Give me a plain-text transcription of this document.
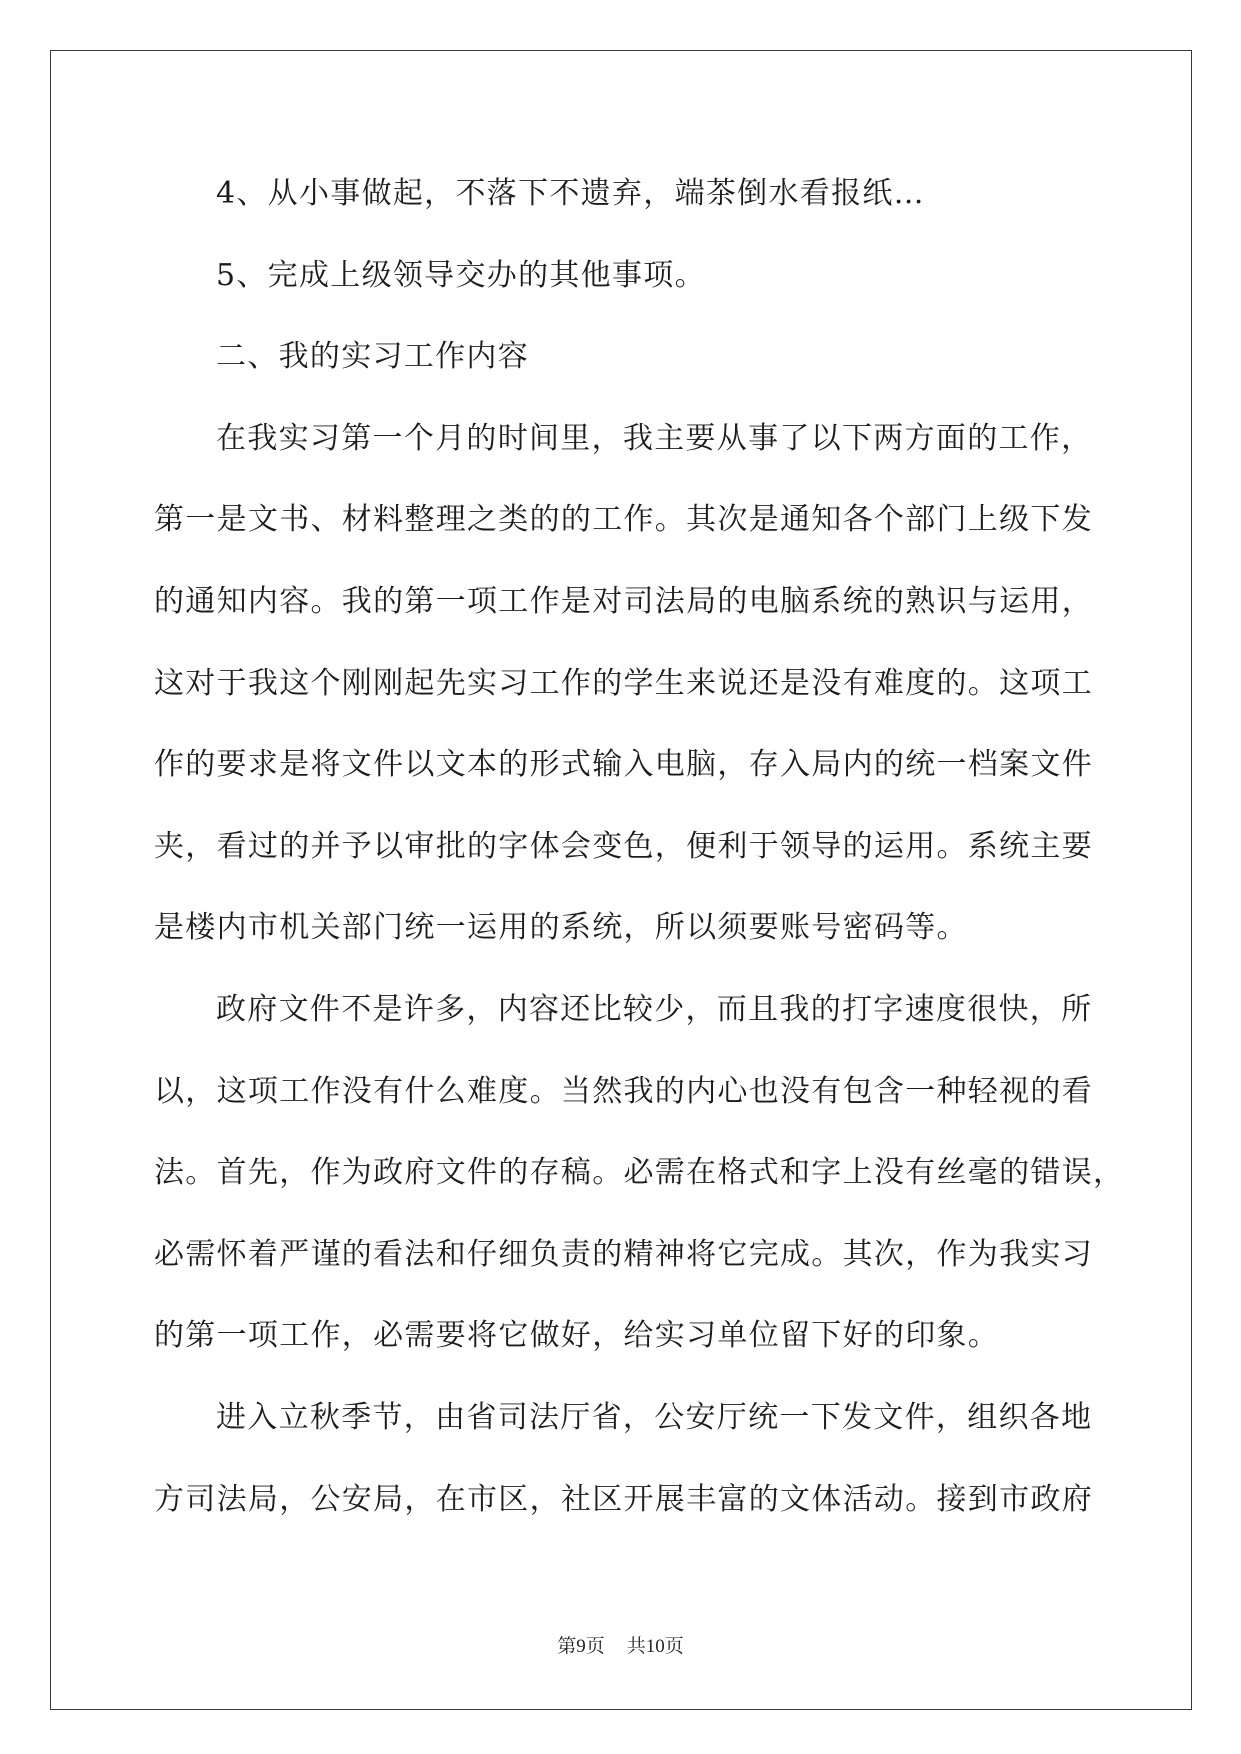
4、从小事做起，不落下不遗弃，端茶倒水看报纸…
5、完成上级领导交办的其他事项。
二、我的实习工作内容
在我实习第一个月的时间里，我主要从事了以下两方面的工作，
第一是文书、材料整理之类的的工作。其次是通知各个部门上级下发
的通知内容。我的第一项工作是对司法局的电脑系统的熟识与运用，
这对于我这个刚刚起先实习工作的学生来说还是没有难度的。这项工
作的要求是将文件以文本的形式输入电脑，存入局内的统一档案文件
夹，看过的并予以审批的字体会变色，便利于领导的运用。系统主要
是楼内市机关部门统一运用的系统，所以须要账号密码等。
政府文件不是许多，内容还比较少，而且我的打字速度很快，所
以，这项工作没有什么难度。当然我的内心也没有包含一种轻视的看
法。首先，作为政府文件的存稿。必需在格式和字上没有丝毫的错误，
必需怀着严谨的看法和仔细负责的精神将它完成。其次，作为我实习
的第一项工作，必需要将它做好，给实习单位留下好的印象。
进入立秋季节，由省司法厅省，公安厅统一下发文件，组织各地
方司法局，公安局，在市区，社区开展丰富的文体活动。接到市政府
第9页 共10页
